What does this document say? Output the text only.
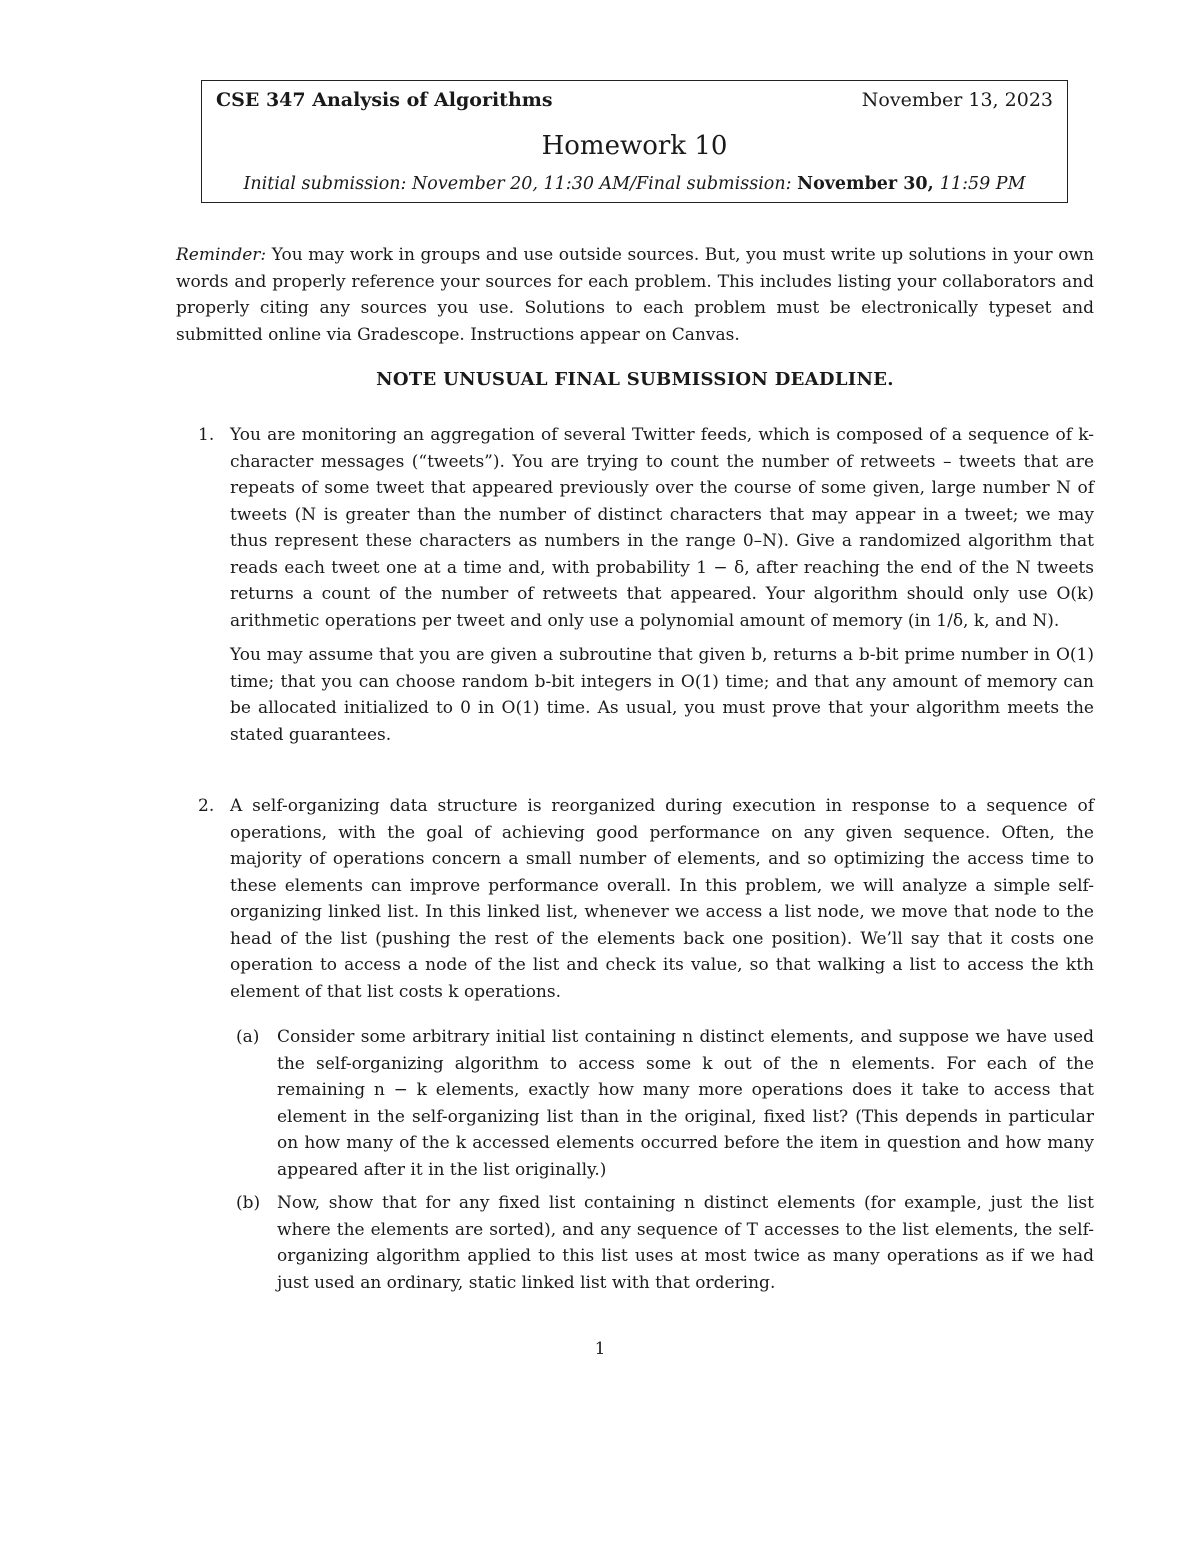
CSE 347 Analysis of Algorithms	November 13, 2023
Homework 10
Initial submission: November 20, 11:30 AM/Final submission: November 30, 11:59 PM
Reminder: You may work in groups and use outside sources. But, you must write up solutions in your own words and properly reference your sources for each problem. This includes listing your collaborators and properly citing any sources you use. Solutions to each problem must be electronically typeset and submitted online via Gradescope. Instructions appear on Canvas.
NOTE UNUSUAL FINAL SUBMISSION DEADLINE.
1. You are monitoring an aggregation of several Twitter feeds, which is composed of a sequence of k-character messages (“tweets”). You are trying to count the number of retweets – tweets that are repeats of some tweet that appeared previously over the course of some given, large number N of tweets (N is greater than the number of distinct characters that may appear in a tweet; we may thus represent these characters as numbers in the range 0–N). Give a randomized algorithm that reads each tweet one at a time and, with probability 1 − δ, after reaching the end of the N tweets returns a count of the number of retweets that appeared. Your algorithm should only use O(k) arithmetic operations per tweet and only use a polynomial amount of memory (in 1/δ, k, and N).

You may assume that you are given a subroutine that given b, returns a b-bit prime number in O(1) time; that you can choose random b-bit integers in O(1) time; and that any amount of memory can be allocated initialized to 0 in O(1) time. As usual, you must prove that your algorithm meets the stated guarantees.

2. A self-organizing data structure is reorganized during execution in response to a sequence of operations, with the goal of achieving good performance on any given sequence. Often, the majority of operations concern a small number of elements, and so optimizing the access time to these elements can improve performance overall. In this problem, we will analyze a simple self-organizing linked list. In this linked list, whenever we access a list node, we move that node to the head of the list (pushing the rest of the elements back one position). We’ll say that it costs one operation to access a node of the list and check its value, so that walking a list to access the kth element of that list costs k operations.

(a) Consider some arbitrary initial list containing n distinct elements, and suppose we have used the self-organizing algorithm to access some k out of the n elements. For each of the remaining n − k elements, exactly how many more operations does it take to access that element in the self-organizing list than in the original, fixed list? (This depends in particular on how many of the k accessed elements occurred before the item in question and how many appeared after it in the list originally.)
(b) Now, show that for any fixed list containing n distinct elements (for example, just the list where the elements are sorted), and any sequence of T accesses to the list elements, the self-organizing algorithm applied to this list uses at most twice as many operations as if we had just used an ordinary, static linked list with that ordering.
1
